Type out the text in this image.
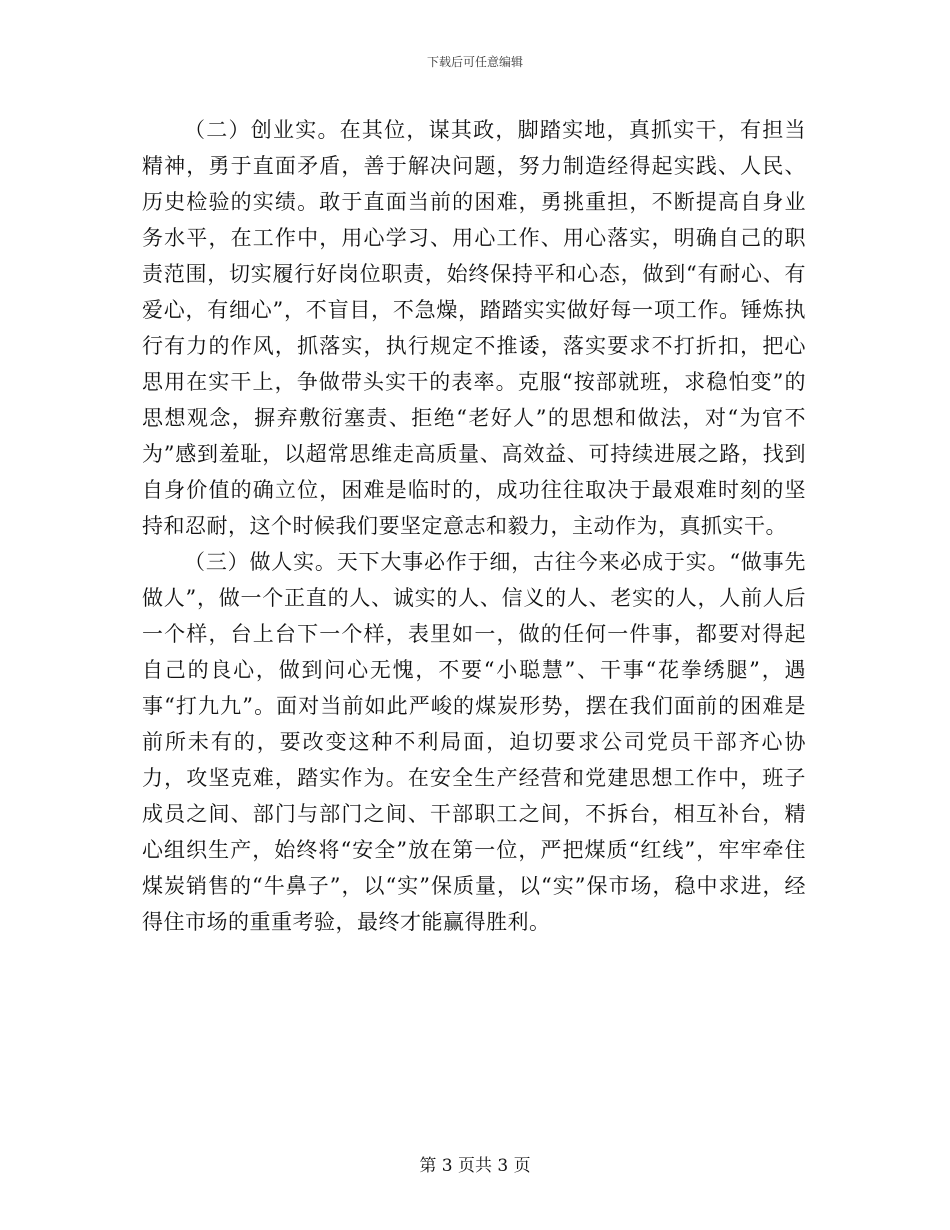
下载后可任意编辑

（二）创业实。在其位，谋其政，脚踏实地，真抓实干，有担当精神，勇于直面矛盾，善于解决问题，努力制造经得起实践、人民、历史检验的实绩。敢于直面当前的困难，勇挑重担，不断提高自身业务水平，在工作中，用心学习、用心工作、用心落实，明确自己的职责范围，切实履行好岗位职责，始终保持平和心态，做到“有耐心、有爱心，有细心”，不盲目，不急燥，踏踏实实做好每一项工作。锤炼执行有力的作风，抓落实，执行规定不推诿，落实要求不打折扣，把心思用在实干上，争做带头实干的表率。克服“按部就班，求稳怕变”的思想观念，摒弃敷衍塞责、拒绝“老好人”的思想和做法，对“为官不为”感到羞耻，以超常思维走高质量、高效益、可持续进展之路，找到自身价值的确立位，困难是临时的，成功往往取决于最艰难时刻的坚持和忍耐，这个时候我们要坚定意志和毅力，主动作为，真抓实干。

（三）做人实。天下大事必作于细，古往今来必成于实。“做事先做人”，做一个正直的人、诚实的人、信义的人、老实的人，人前人后一个样，台上台下一个样，表里如一，做的任何一件事，都要对得起自己的良心，做到问心无愧，不要“小聪慧”、干事“花拳绣腿”，遇事“打九九”。面对当前如此严峻的煤炭形势，摆在我们面前的困难是前所未有的，要改变这种不利局面，迫切要求公司党员干部齐心协力，攻坚克难，踏实作为。在安全生产经营和党建思想工作中，班子成员之间、部门与部门之间、干部职工之间，不拆台，相互补台，精心组织生产，始终将“安全”放在第一位，严把煤质“红线”，牢牢牵住煤炭销售的“牛鼻子”，以“实”保质量，以“实”保市场，稳中求进，经得住市场的重重考验，最终才能赢得胜利。

第 3 页共 3 页
